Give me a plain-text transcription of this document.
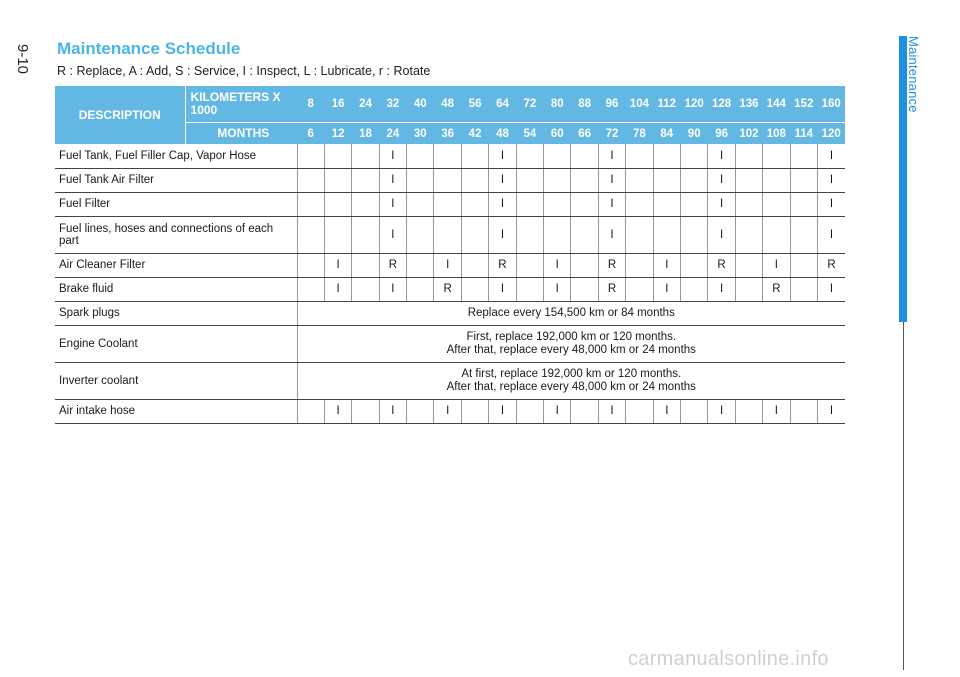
9-10	Maintenance
Maintenance Schedule
R : Replace, A : Add, S : Service, I : Inspect, L : Lubricate, r : Rotate
DESCRIPTION	KILOMETERS X 1000	8	16	24	32	40	48	56	64	72	80	88	96	104	112	120	128	136	144	152	160
	MONTHS	6	12	18	24	30	36	42	48	54	60	66	72	78	84	90	96	102	108	114	120
Fuel Tank, Fuel Filler Cap, Vapor Hose					I				I				I				I				I
Fuel Tank Air Filter					I				I				I				I				I
Fuel Filter					I				I				I				I				I
Fuel lines, hoses and connections of each part					I				I				I				I				I
Air Cleaner Filter			I		R		I		R		I		R		I		R		I		R
Brake fluid			I		I		R		I		I		R		I		I		R		I
Spark plugs		Replace every 154,500 km or 84 months																			

Engine Coolant		First, replace 192,000 km or 120 months.
After that, replace every 48,000 km or 24 months																			

Inverter coolant		At first, replace 192,000 km or 120 months.
After that, replace every 48,000 km or 24 months																			

Air intake hose			I		I		I		I		I		I		I		I		I		I
carmanualsonline.info
